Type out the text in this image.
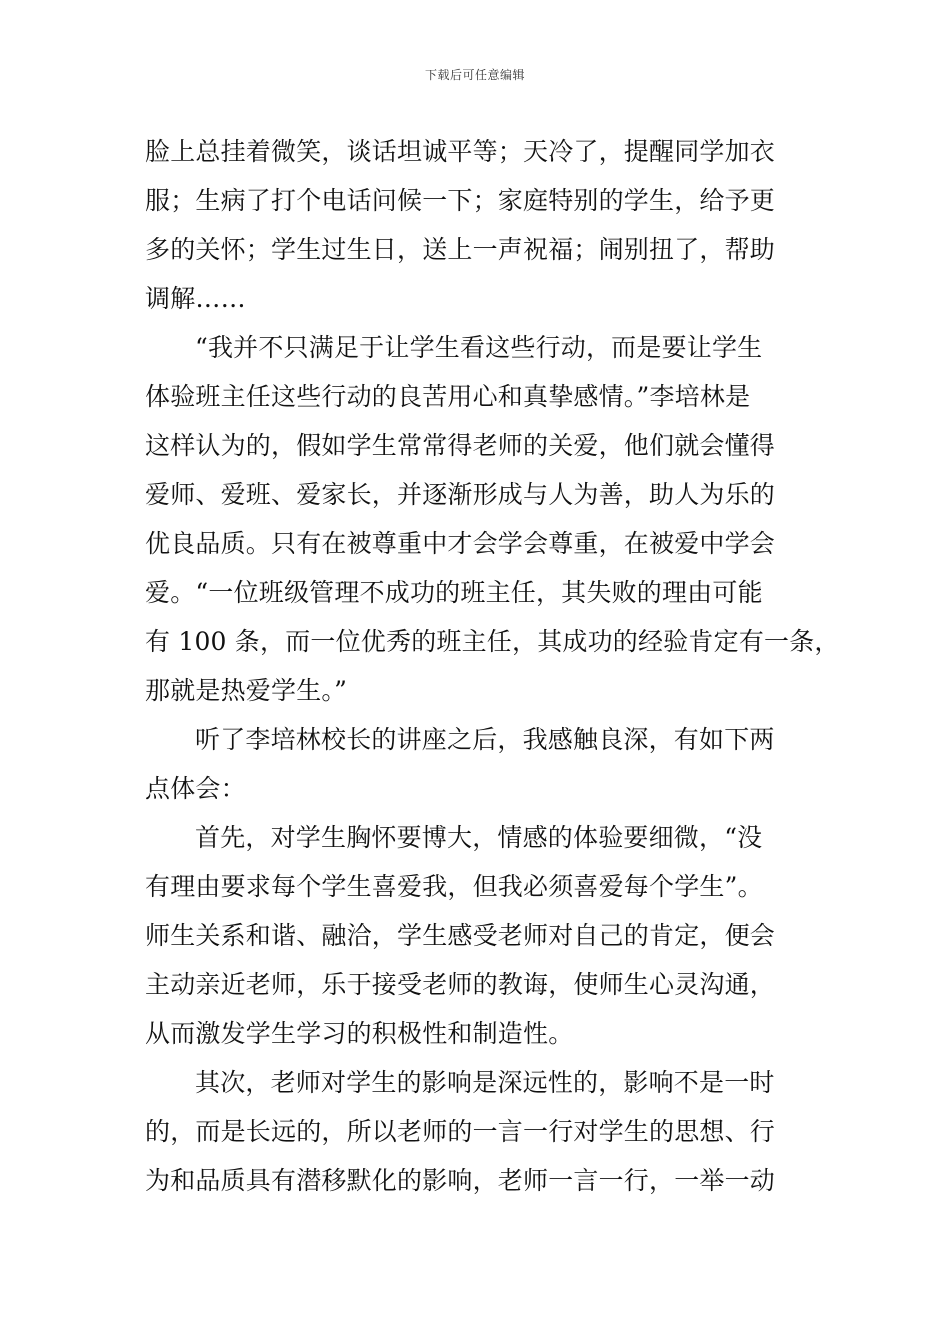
下载后可任意编辑
脸上总挂着微笑，谈话坦诚平等；天冷了，提醒同学加衣
服；生病了打个电话问候一下；家庭特别的学生，给予更
多的关怀；学生过生日，送上一声祝福；闹别扭了，帮助
调解……
“我并不只满足于让学生看这些行动，而是要让学生
体验班主任这些行动的良苦用心和真挚感情。”李培林是
这样认为的，假如学生常常得老师的关爱，他们就会懂得
爱师、爱班、爱家长，并逐渐形成与人为善，助人为乐的
优良品质。只有在被尊重中才会学会尊重，在被爱中学会
爱。“一位班级管理不成功的班主任，其失败的理由可能
有 100 条，而一位优秀的班主任，其成功的经验肯定有一条，
那就是热爱学生。”
听了李培林校长的讲座之后，我感触良深，有如下两
点体会：
首先，对学生胸怀要博大，情感的体验要细微，“没
有理由要求每个学生喜爱我，但我必须喜爱每个学生”。
师生关系和谐、融洽，学生感受老师对自己的肯定，便会
主动亲近老师，乐于接受老师的教诲，使师生心灵沟通，
从而激发学生学习的积极性和制造性。
其次，老师对学生的影响是深远性的，影响不是一时
的，而是长远的，所以老师的一言一行对学生的思想、行
为和品质具有潜移默化的影响，老师一言一行，一举一动
